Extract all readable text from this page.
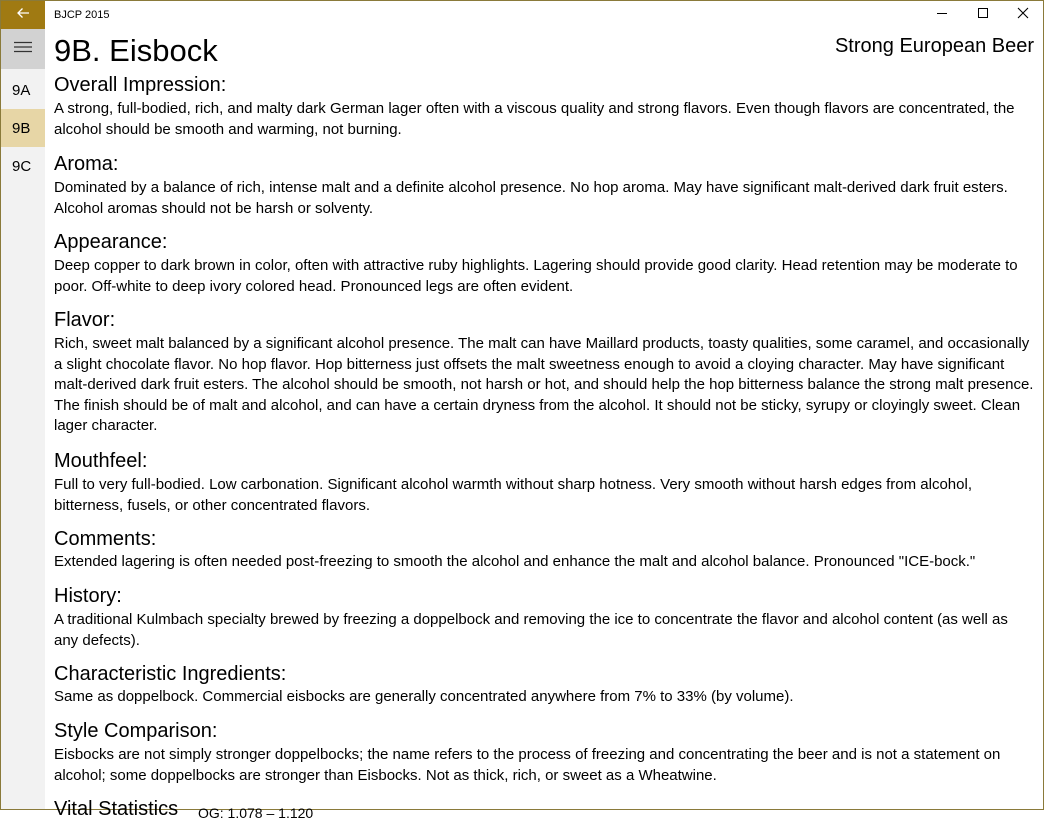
BJCP 2015
9A
9B
9C
9B. Eisbock	Strong European Beer
Overall Impression:
A strong, full-bodied, rich, and malty dark German lager often with a viscous quality and strong flavors. Even though flavors are concentrated, the alcohol should be smooth and warming, not burning.
Aroma:
Dominated by a balance of rich, intense malt and a definite alcohol presence. No hop aroma. May have significant malt-derived dark fruit esters. Alcohol aromas should not be harsh or solventy.
Appearance:
Deep copper to dark brown in color, often with attractive ruby highlights. Lagering should provide good clarity. Head retention may be moderate to poor. Off-white to deep ivory colored head. Pronounced legs are often evident.
Flavor:
Rich, sweet malt balanced by a significant alcohol presence. The malt can have Maillard products, toasty qualities, some caramel, and occasionally a slight chocolate flavor. No hop flavor. Hop bitterness just offsets the malt sweetness enough to avoid a cloying character. May have significant malt-derived dark fruit esters. The alcohol should be smooth, not harsh or hot, and should help the hop bitterness balance the strong malt presence. The finish should be of malt and alcohol, and can have a certain dryness from the alcohol. It should not be sticky, syrupy or cloyingly sweet. Clean lager character.
Mouthfeel:
Full to very full-bodied. Low carbonation. Significant alcohol warmth without sharp hotness. Very smooth without harsh edges from alcohol, bitterness, fusels, or other concentrated flavors.
Comments:
Extended lagering is often needed post-freezing to smooth the alcohol and enhance the malt and alcohol balance. Pronounced "ICE-bock."
History:
A traditional Kulmbach specialty brewed by freezing a doppelbock and removing the ice to concentrate the flavor and alcohol content (as well as any defects).
Characteristic Ingredients:
Same as doppelbock. Commercial eisbocks are generally concentrated anywhere from 7% to 33% (by volume).
Style Comparison:
Eisbocks are not simply stronger doppelbocks; the name refers to the process of freezing and concentrating the beer and is not a statement on alcohol; some doppelbocks are stronger than Eisbocks. Not as thick, rich, or sweet as a Wheatwine.
Vital Statistics OG: 1.078 – 1.120
